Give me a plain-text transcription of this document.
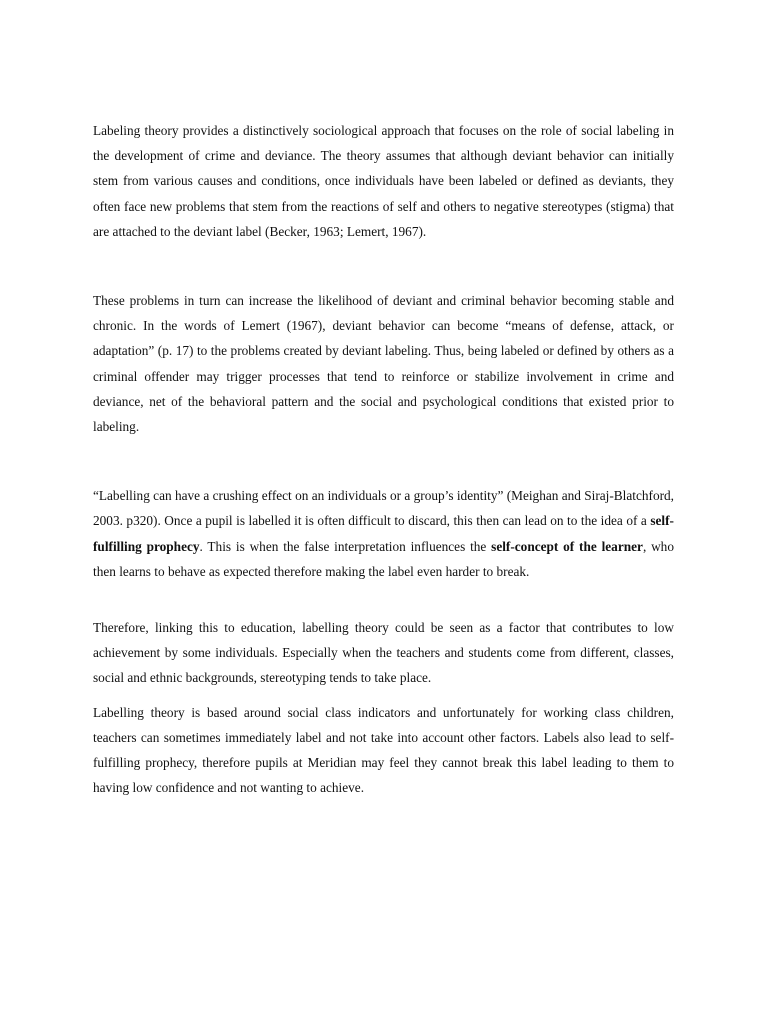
Labeling theory provides a distinctively sociological approach that focuses on the role of social labeling in the development of crime and deviance. The theory assumes that although deviant behavior can initially stem from various causes and conditions, once individuals have been labeled or defined as deviants, they often face new problems that stem from the reactions of self and others to negative stereotypes (stigma) that are attached to the deviant label (Becker, 1963; Lemert, 1967).

These problems in turn can increase the likelihood of deviant and criminal behavior becoming stable and chronic. In the words of Lemert (1967), deviant behavior can become “means of defense, attack, or adaptation” (p. 17) to the problems created by deviant labeling. Thus, being labeled or defined by others as a criminal offender may trigger processes that tend to reinforce or stabilize involvement in crime and deviance, net of the behavioral pattern and the social and psychological conditions that existed prior to labeling.

“Labelling can have a crushing effect on an individuals or a group’s identity” (Meighan and Siraj-Blatchford, 2003. p320). Once a pupil is labelled it is often difficult to discard, this then can lead on to the idea of a self-fulfilling prophecy. This is when the false interpretation influences the self-concept of the learner, who then learns to behave as expected therefore making the label even harder to break.

Therefore, linking this to education, labelling theory could be seen as a factor that contributes to low achievement by some individuals. Especially when the teachers and students come from different, classes, social and ethnic backgrounds, stereotyping tends to take place.

Labelling theory is based around social class indicators and unfortunately for working class children, teachers can sometimes immediately label and not take into account other factors. Labels also lead to self-fulfilling prophecy, therefore pupils at Meridian may feel they cannot break this label leading to them to having low confidence and not wanting to achieve.
